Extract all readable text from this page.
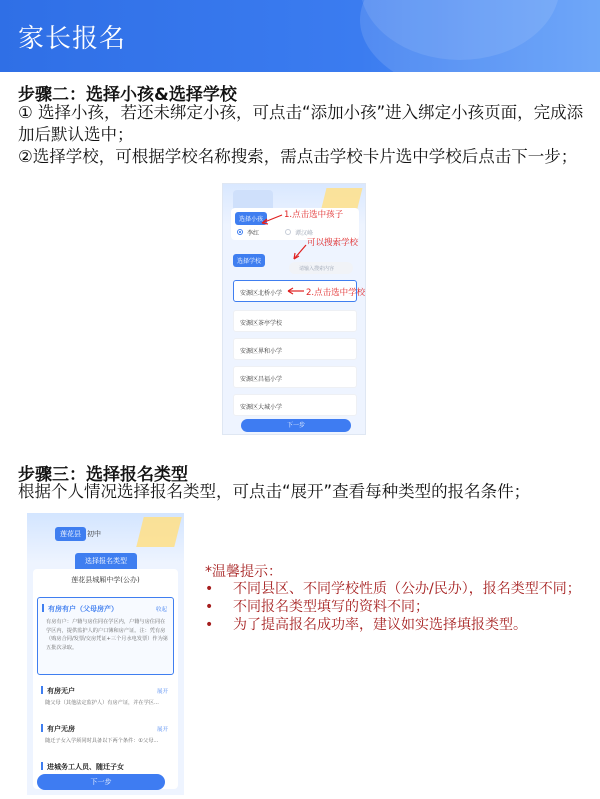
家长报名
步骤二：选择小孩&选择学校
① 选择小孩，若还未绑定小孩，可点击“添加小孩”进入绑定小孩页面，完成添加后默认选中；
②选择学校，可根据学校名称搜索，需点击学校卡片选中学校后点击下一步；
选择小孩
李红	谭汉峰
选择学校
请输入搜索内容
安源区北桥小学
安源区茶亭学校
安源区界和小学
安源区昌福小学
安源区大城小学
下一步
1.点击选中孩子
可以搜索学校
2.点击选中学校
步骤三：选择报名类型
根据个人情况选择报名类型，可点击“展开”查看每种类型的报名条件；
莲花县 初中
选择报名类型
莲花县城厢中学(公办)
有房有户（父母房产）	收起
有房有户：户籍与房住同在学区内，户籍与房住同在学区内，提供监护人的户口簿和房产证。注：凭有房（购房合同/发票/交房凭证+三个月水电发票）作为第五批次录取。
有房无户	展开
随父母（其他法定监护人）有房产证，并在学区...
有户无房	展开
随迁子女入学须同时具备以下两个条件：①父母...
进城务工人员、随迁子女
下一步
*温馨提示：
• 不同县区、不同学校性质（公办/民办），报名类型不同；
• 不同报名类型填写的资料不同；
• 为了提高报名成功率，建议如实选择填报类型。
